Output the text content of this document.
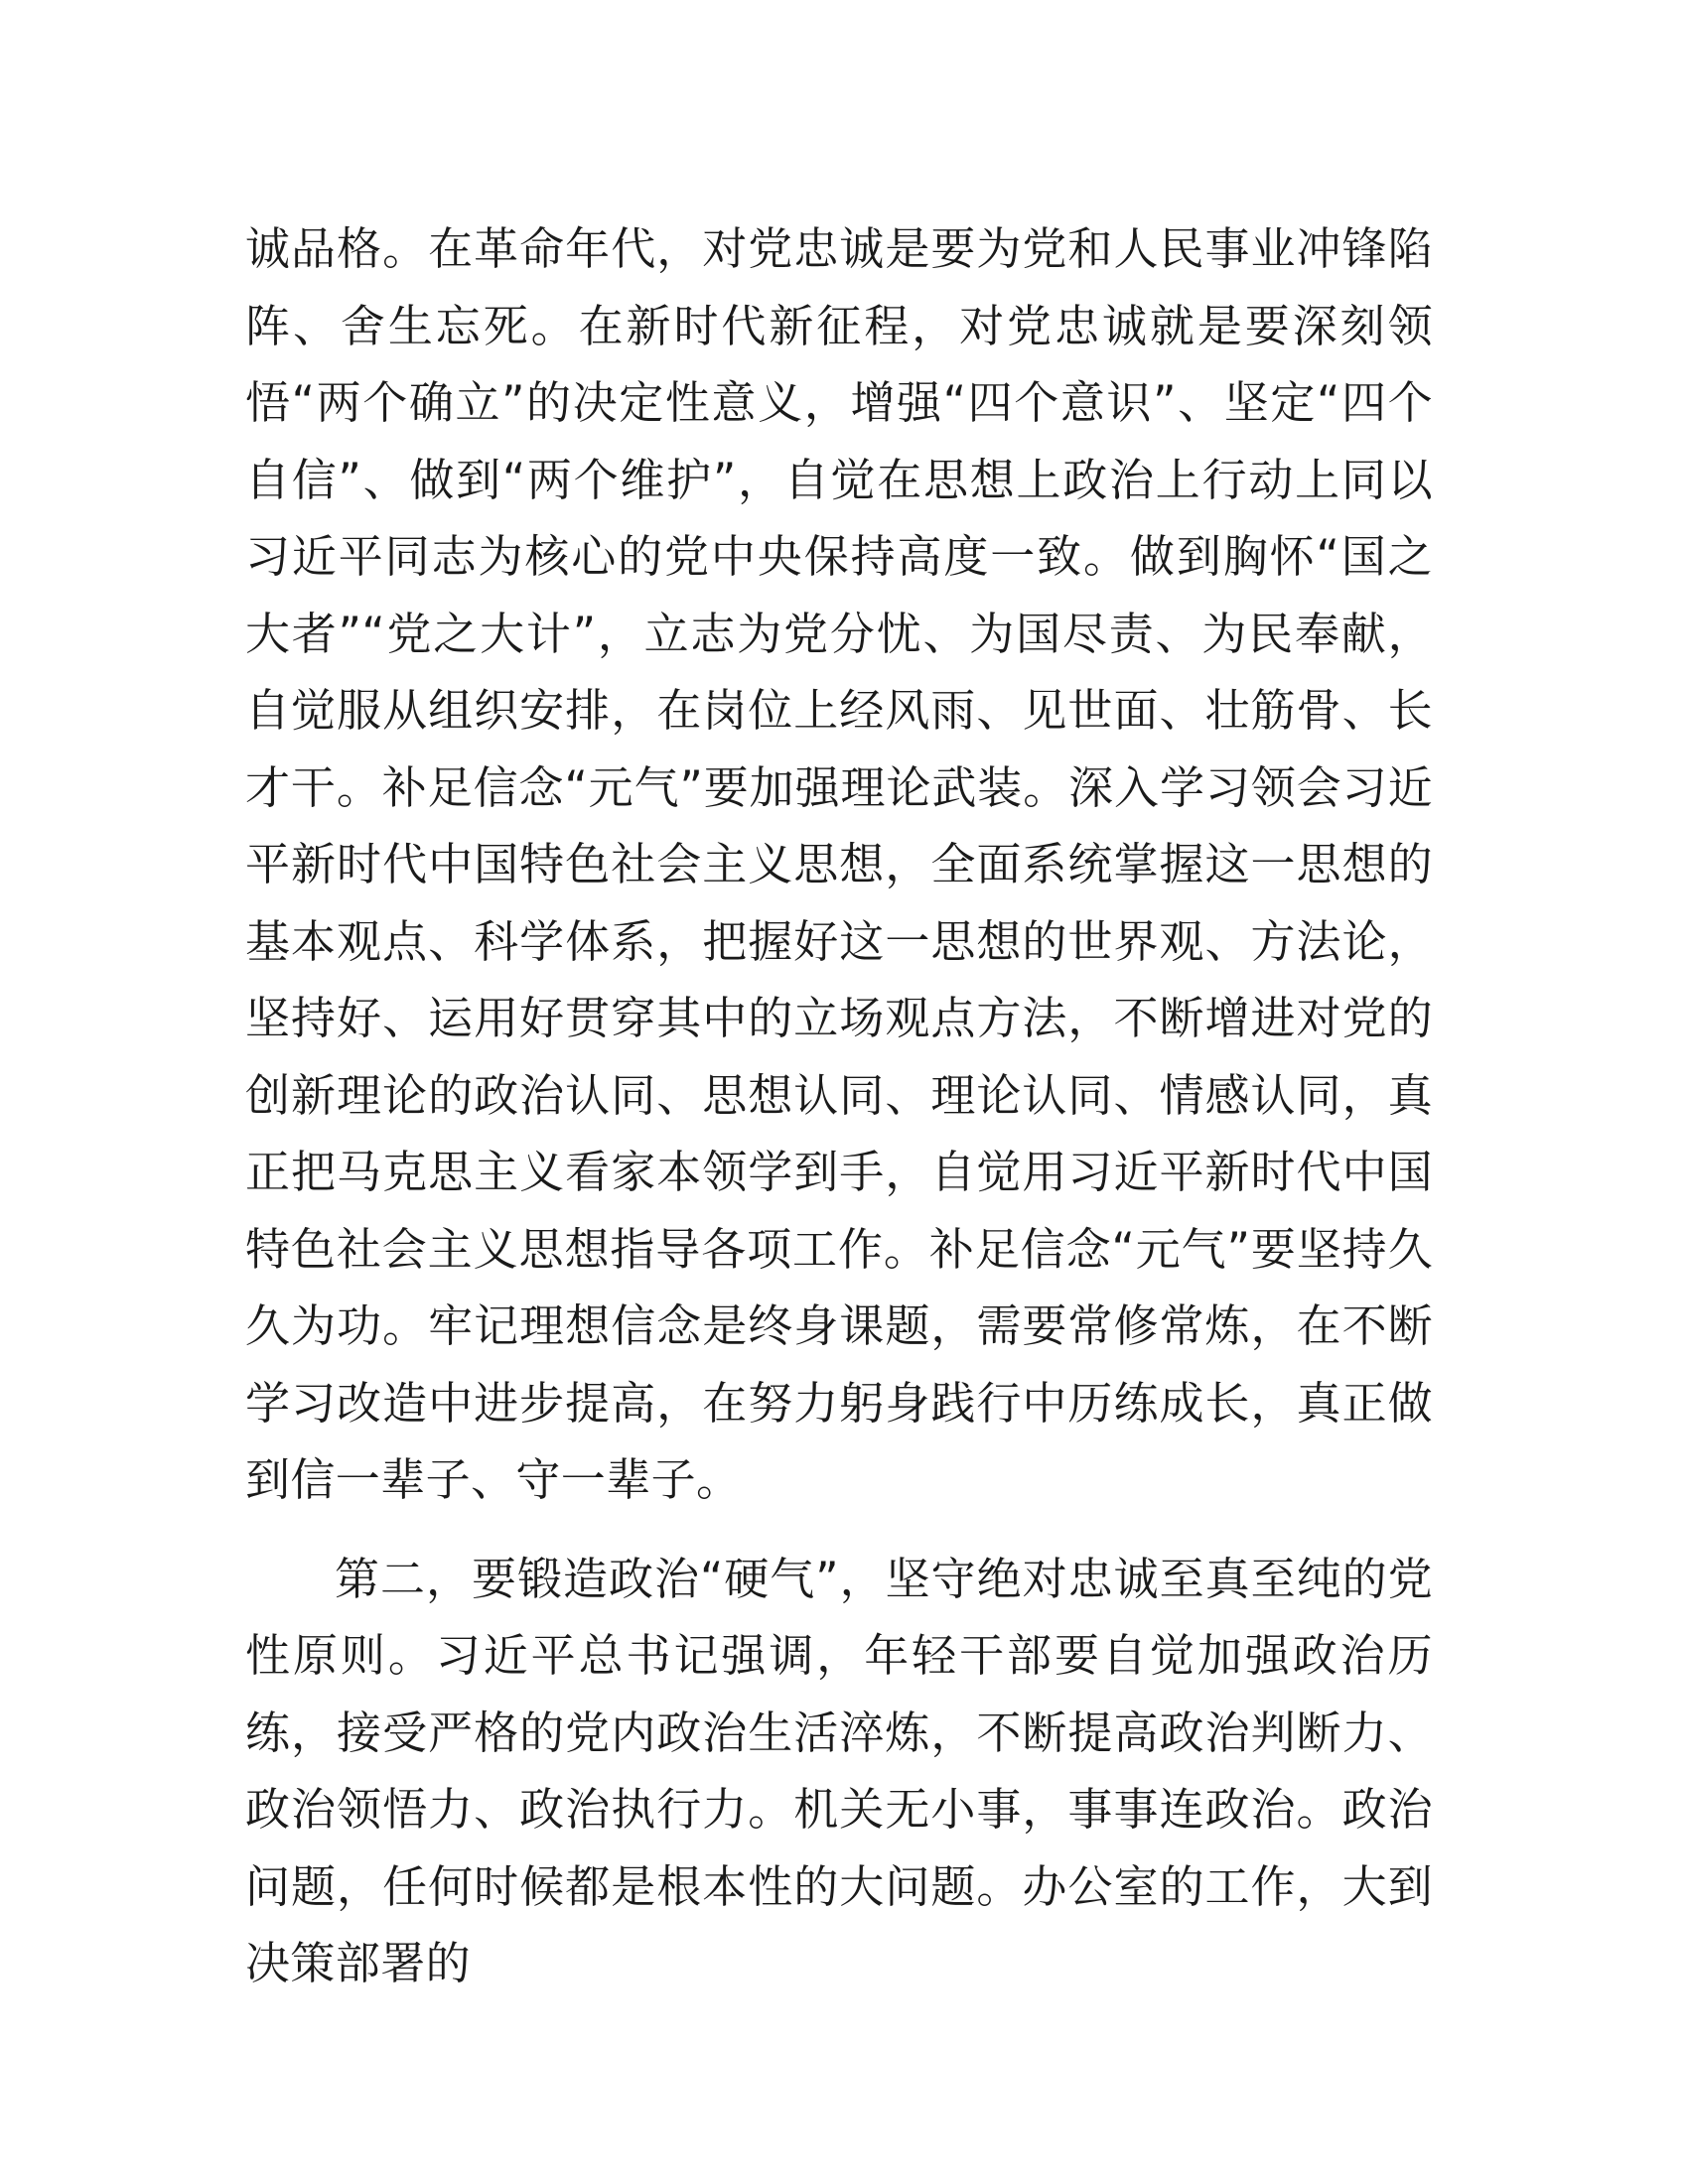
诚品格。在革命年代，对党忠诚是要为党和人民事业冲锋陷阵、舍生忘死。在新时代新征程，对党忠诚就是要深刻领悟“两个确立”的决定性意义，增强“四个意识”、坚定“四个自信”、做到“两个维护”，自觉在思想上政治上行动上同以习近平同志为核心的党中央保持高度一致。做到胸怀“国之大者”“党之大计”，立志为党分忧、为国尽责、为民奉献，自觉服从组织安排，在岗位上经风雨、见世面、壮筋骨、长才干。补足信念“元气”要加强理论武装。深入学习领会习近平新时代中国特色社会主义思想，全面系统掌握这一思想的基本观点、科学体系，把握好这一思想的世界观、方法论，坚持好、运用好贯穿其中的立场观点方法，不断增进对党的创新理论的政治认同、思想认同、理论认同、情感认同，真正把马克思主义看家本领学到手，自觉用习近平新时代中国特色社会主义思想指导各项工作。补足信念“元气”要坚持久久为功。牢记理想信念是终身课题，需要常修常炼，在不断学习改造中进步提高，在努力躬身践行中历练成长，真正做到信一辈子、守一辈子。

第二，要锻造政治“硬气”，坚守绝对忠诚至真至纯的党性原则。习近平总书记强调，年轻干部要自觉加强政治历练，接受严格的党内政治生活淬炼，不断提高政治判断力、政治领悟力、政治执行力。机关无小事，事事连政治。政治问题，任何时候都是根本性的大问题。办公室的工作，大到决策部署的
